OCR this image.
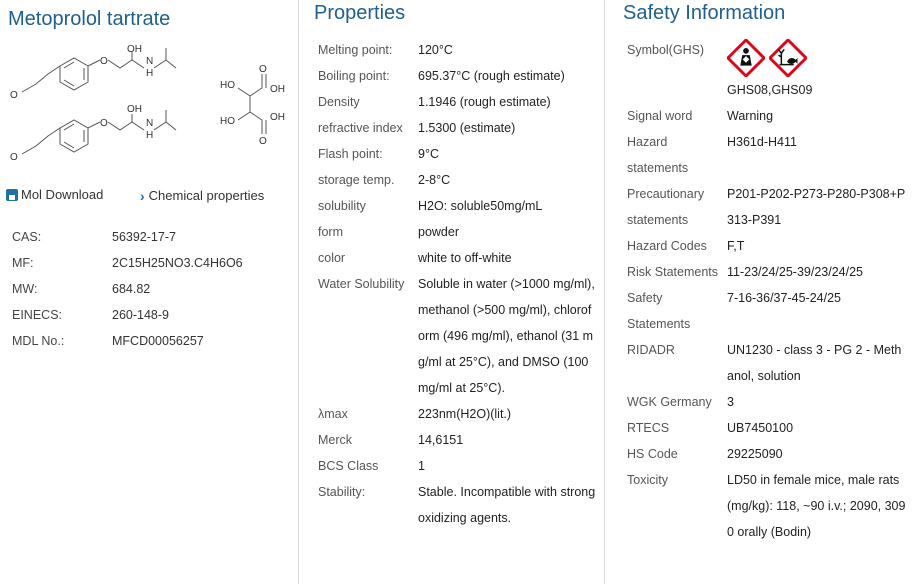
Metoprolol tartrate
OH
N
H
O
O
OH
N
H
O
O
HO
O
OH
OH
HO
O
Mol Download
	› Chemical properties
CAS:	56392-17-7
MF:	2C15H25NO3.C4H6O6
MW:	684.82
EINECS:	260-148-9
MDL No.:	MFCD00056257
Properties
Melting point:	120°C
Boiling point:	695.37°C (rough estimate)
Density	1.1946 (rough estimate)
refractive index	1.5300 (estimate)
Flash point:	9°C
storage temp.	2-8°C
solubility	H2O: soluble50mg/mL
form	powder
color	white to off-white
Water Solubility	Soluble in water (>1000 mg/ml), methanol (>500 mg/ml), chloroform (496 mg/ml), ethanol (31 mg/ml at 25°C), and DMSO (100 mg/ml at 25°C).
λmax	223nm(H2O)(lit.)
Merck	14,6151
BCS Class	1
Stability:	Stable. Incompatible with strong oxidizing agents.
Safety Information
Symbol(GHS)
GHS08,GHS09
Signal word	Warning
Hazard statements
H361d-H411
Precautionary statements
P201-P202-P273-P280-P308+P313-P391
Hazard Codes	F,T
Risk Statements 11-23/24/25-39/23/24/25
Safety Statements
7-16-36/37-45-24/25
RIDADR	UN1230 - class 3 - PG 2 - Methanol, solution
WGK Germany	3
RTECS	UB7450100
HS Code	29225090
Toxicity	LD50 in female mice, male rats (mg/kg): 118, ~90 i.v.; 2090, 3090 orally (Bodin)
